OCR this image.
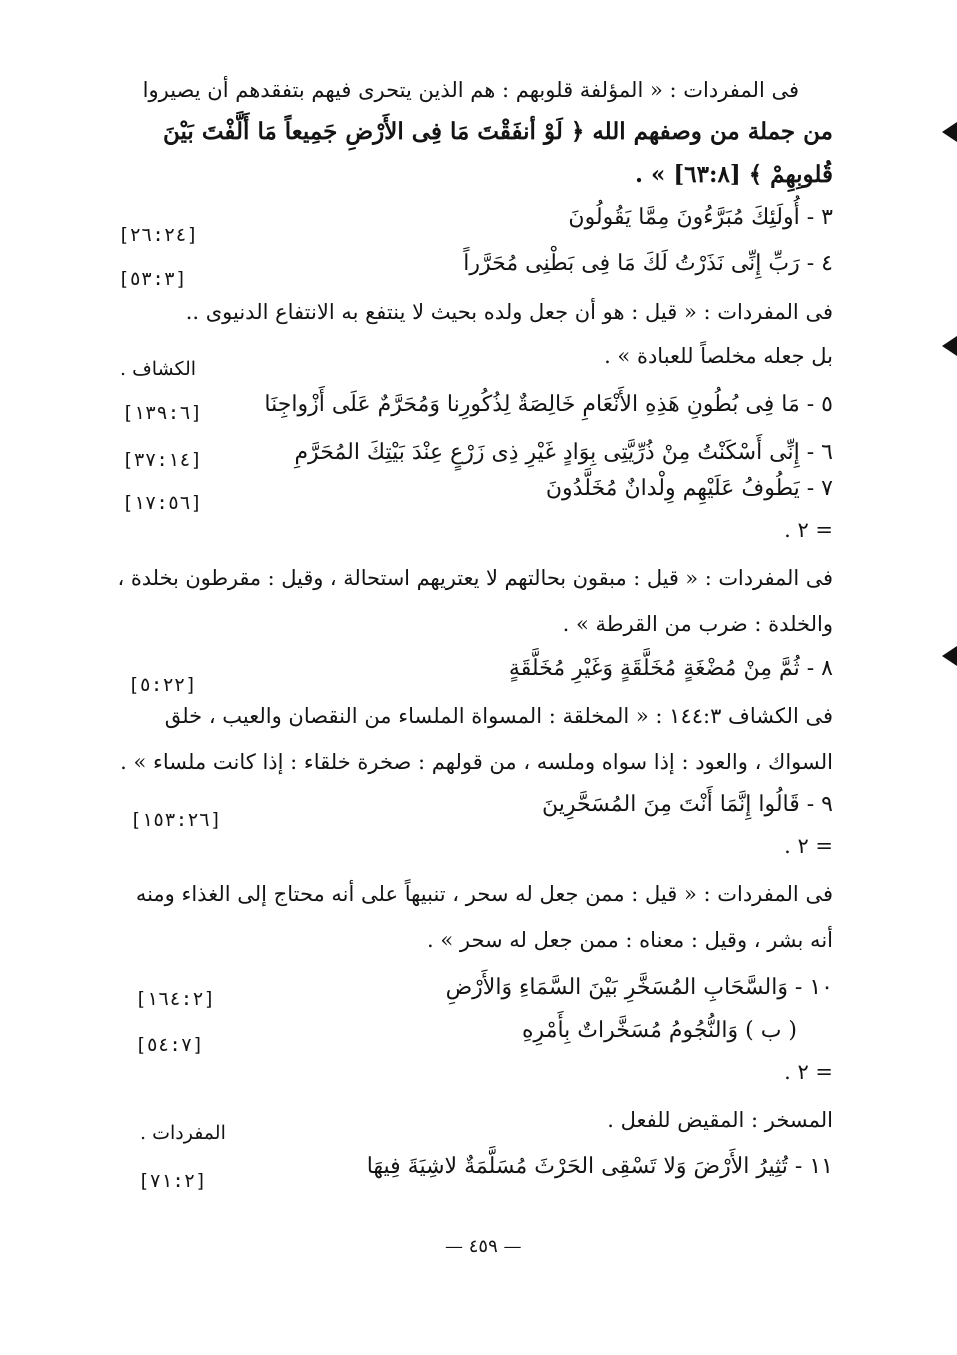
فى المفردات : « المؤلفة قلوبهم : هم الذين يتحرى فيهم بتفقدهم أن يصيروا
من جملة من وصفهم الله ﴿ لَوْ أنفَقْتَ مَا فِى الأَرْضِ جَمِيعاً مَا أَلَّفْتَ بَيْنَ
قُلوبِهِمْ ﴾ [٦٣:٨] » .
٣ - أُولَئِكَ مُبَرَّءُونَ مِمَّا يَقُولُونَ
٤ - رَبِّ إِنِّى نَذَرْتُ لَكَ مَا فِى بَطْنِى مُحَرَّراً
فى المفردات : « قيل : هو أن جعل ولده بحيث لا ينتفع به الانتفاع الدنيوى ..
بل جعله مخلصاً للعبادة » .
٥ - مَا فِى بُطُونِ هَذِهِ الأَنْعَامِ خَالِصَةٌ لِذُكُورِنا وَمُحَرَّمٌ عَلَى أَزْواجِنَا
٦ - إِنِّى أَسْكَنْتُ مِنْ ذُرِّيَّتِى بِوَادٍ غَيْرِ ذِى زَرْعٍ عِنْدَ بَيْتِكَ المُحَرَّمِ
٧ - يَطُوفُ عَلَيْهِم وِلْدانٌ مُخَلَّدُونَ
= ٢ .
فى المفردات : « قيل : مبقون بحالتهم لا يعتريهم استحالة ، وقيل : مقرطون بخلدة ،
والخلدة : ضرب من القرطة » .
٨ - ثُمَّ مِنْ مُضْغَةٍ مُخَلَّقَةٍ وَغَيْرِ مُخَلَّقَةٍ
فى الكشاف ١٤٤:٣ : « المخلقة : المسواة الملساء من النقصان والعيب ، خلق
السواك ، والعود : إذا سواه وملسه ، من قولهم : صخرة خلقاء : إذا كانت ملساء » .
٩ - قَالُوا إِنَّمَا أَنْتَ مِنَ المُسَحَّرِينَ
= ٢ .
فى المفردات : « قيل : ممن جعل له سحر ، تنبيهاً على أنه محتاج إلى الغذاء ومنه
أنه بشر ، وقيل : معناه : ممن جعل له سحر » .
١٠ - وَالسَّحَابِ المُسَخَّرِ بَيْنَ السَّمَاءِ وَالأَرْضِ
( ب ) وَالنُّجُومُ مُسَخَّراتٌ بِأَمْرِهِ
= ٢ .
المسخر : المقيض للفعل .
١١ - تُثِيرُ الأَرْضَ وَلا تَسْقِى الحَرْثَ مُسَلَّمَةٌ لاشِيَةَ فِيهَا
[٢٦:٢٤]
[٥٣:٣]
[١٣٩:٦]
[٣٧:١٤]
[١٧:٥٦]
[٥:٢٢]
[١٥٣:٢٦]
[١٦٤:٢]
[٥٤:٧]
[٧١:٢]
الكشاف .
المفردات .
— ٤٥٩ —
